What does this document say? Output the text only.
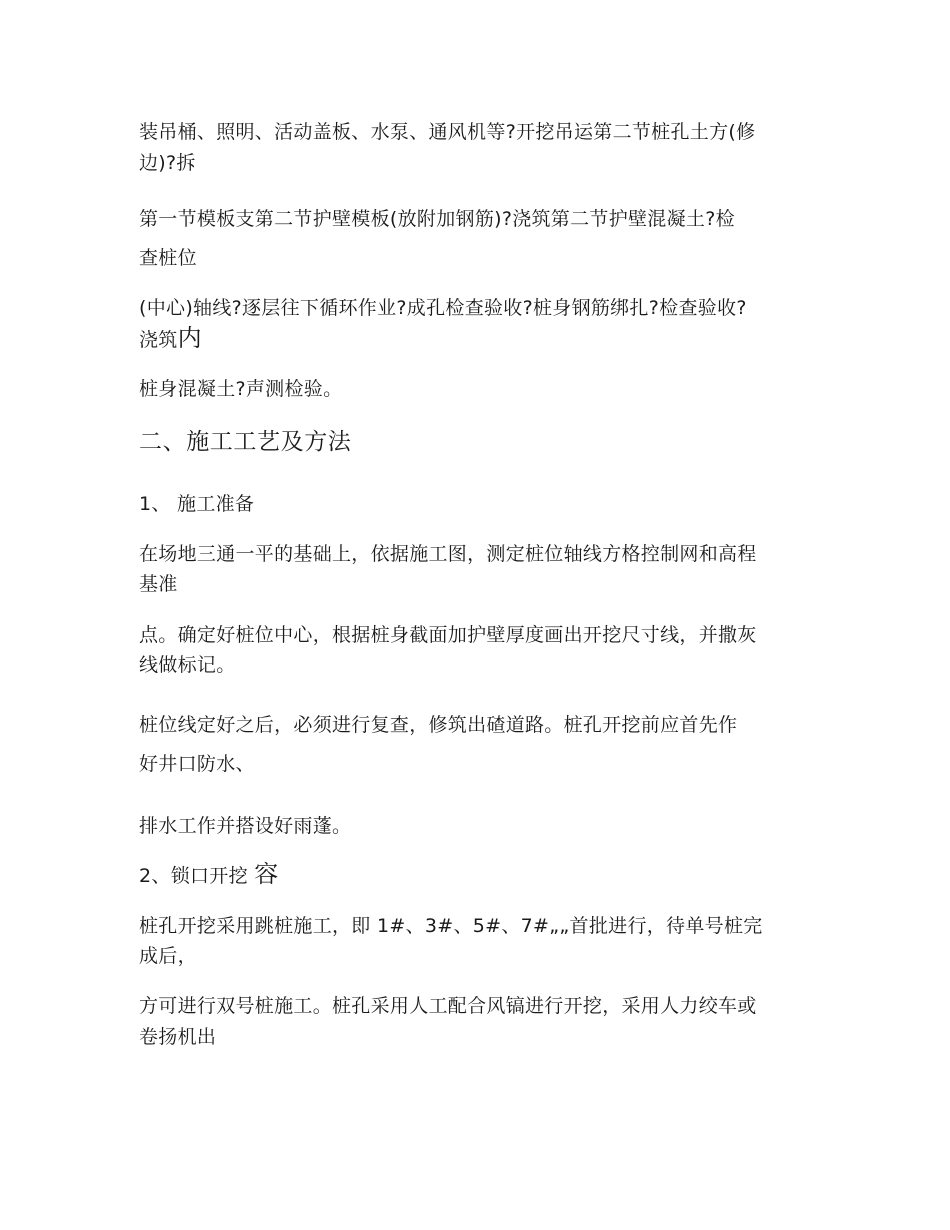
装吊桶、照明、活动盖板、水泵、通风机等?开挖吊运第二节桩孔土方(修

边)?拆

第一节模板支第二节护壁模板(放附加钢筋)?浇筑第二节护壁混凝土?检

查桩位

(中心)轴线?逐层往下循环作业?成孔检查验收?桩身钢筋绑扎?检查验收?

浇筑内

桩身混凝土?声测检验。

二、施工工艺及方法

1、 施工准备

在场地三通一平的基础上，依据施工图，测定桩位轴线方格控制网和高程

基准

点。确定好桩位中心，根据桩身截面加护壁厚度画出开挖尺寸线，并撒灰

线做标记。

桩位线定好之后，必须进行复查，修筑出碴道路。桩孔开挖前应首先作

好井口防水、

排水工作并搭设好雨蓬。

2、锁口开挖 容

桩孔开挖采用跳桩施工，即 1#、3#、5#、7#„„首批进行，待单号桩完

成后，

方可进行双号桩施工。桩孔采用人工配合风镐进行开挖，采用人力绞车或

卷扬机出
